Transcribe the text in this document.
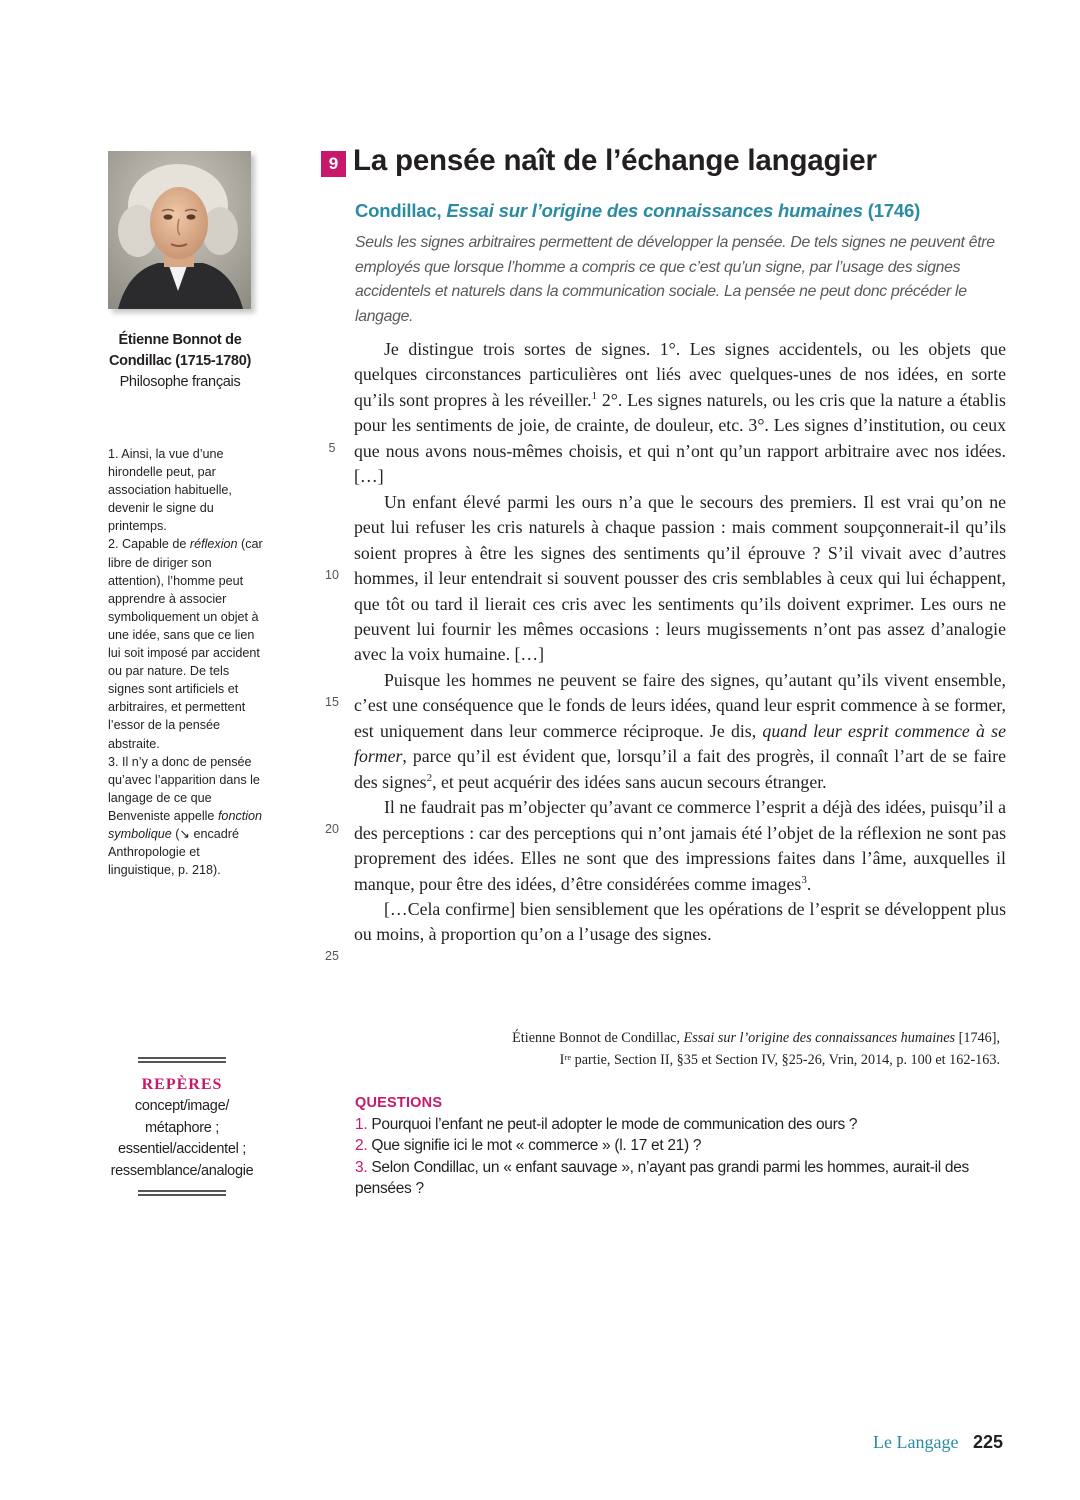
Étienne Bonnot de Condillac (1715-1780)
Philosophe français

1. Ainsi, la vue d’une hirondelle peut, par association habituelle, devenir le signe du printemps.

2. Capable de réflexion (car libre de diriger son attention), l’homme peut apprendre à associer symboliquement un objet à une idée, sans que ce lien lui soit imposé par accident ou par nature. De tels signes sont artificiels et arbitraires, et permettent l’essor de la pensée abstraite.

3. Il n’y a donc de pensée qu’avec l’apparition dans le langage de ce que Benveniste appelle fonction symbolique (↘ encadré Anthropologie et linguistique, p. 218).

REPÈRES
concept/image/
métaphore ;
essentiel/accidentel ;
ressemblance/analogie
9 La pensée naît de l’échange langagier

Condillac, Essai sur l’origine des connaissances humaines (1746)

Seuls les signes arbitraires permettent de développer la pensée. De tels signes ne peuvent être employés que lorsque l’homme a compris ce que c’est qu’un signe, par l’usage des signes accidentels et naturels dans la communication sociale. La pensée ne peut donc précéder le langage.

Je distingue trois sortes de signes. 1°. Les signes accidentels, ou les objets que quelques circonstances particulières ont liés avec quelques-unes de nos idées, en sorte qu’ils sont propres à les réveiller.$^1$ 2°. Les signes naturels, ou les cris que la nature a établis pour les sentiments de joie, de crainte, de douleur, etc. 3°. Les signes d’institution, ou ceux que nous avons nous-mêmes choisis, et qui n’ont qu’un rapport arbitraire avec nos idées. […]

Un enfant élevé parmi les ours n’a que le secours des premiers. Il est vrai qu’on ne peut lui refuser les cris naturels à chaque passion : mais comment soupçonnerait-il qu’ils soient propres à être les signes des sentiments qu’il éprouve ? S’il vivait avec d’autres hommes, il leur entendrait si souvent pousser des cris semblables à ceux qui lui échappent, que tôt ou tard il lierait ces cris avec les sentiments qu’ils doivent exprimer. Les ours ne peuvent lui fournir les mêmes occasions : leurs mugissements n’ont pas assez d’analogie avec la voix humaine. […]

Puisque les hommes ne peuvent se faire des signes, qu’autant qu’ils vivent ensemble, c’est une conséquence que le fonds de leurs idées, quand leur esprit commence à se former, est uniquement dans leur commerce réciproque. Je dis, quand leur esprit commence à se former, parce qu’il est évident que, lorsqu’il a fait des progrès, il connaît l’art de se faire des signes$^2$, et peut acquérir des idées sans aucun secours étranger.

Il ne faudrait pas m’objecter qu’avant ce commerce l’esprit a déjà des idées, puisqu’il a des perceptions : car des perceptions qui n’ont jamais été l’objet de la réflexion ne sont pas proprement des idées. Elles ne sont que des impressions faites dans l’âme, auxquelles il manque, pour être des idées, d’être considérées comme images$^3$.

[…Cela confirme] bien sensiblement que les opérations de l’esprit se développent plus ou moins, à proportion qu’on a l’usage des signes.

5
10
15
20
25
Étienne Bonnot de Condillac, Essai sur l’origine des connaissances humaines [1746],
Iʳᵉ partie, Section II, §35 et Section IV, §25-26, Vrin, 2014, p. 100 et 162-163.
QUESTIONS

1. Pourquoi l’enfant ne peut-il adopter le mode de communication des ours ?

2. Que signifie ici le mot « commerce » (l. 17 et 21) ?

3. Selon Condillac, un « enfant sauvage », n’ayant pas grandi parmi les hommes, aurait-il des pensées ?

Le Langage 225
